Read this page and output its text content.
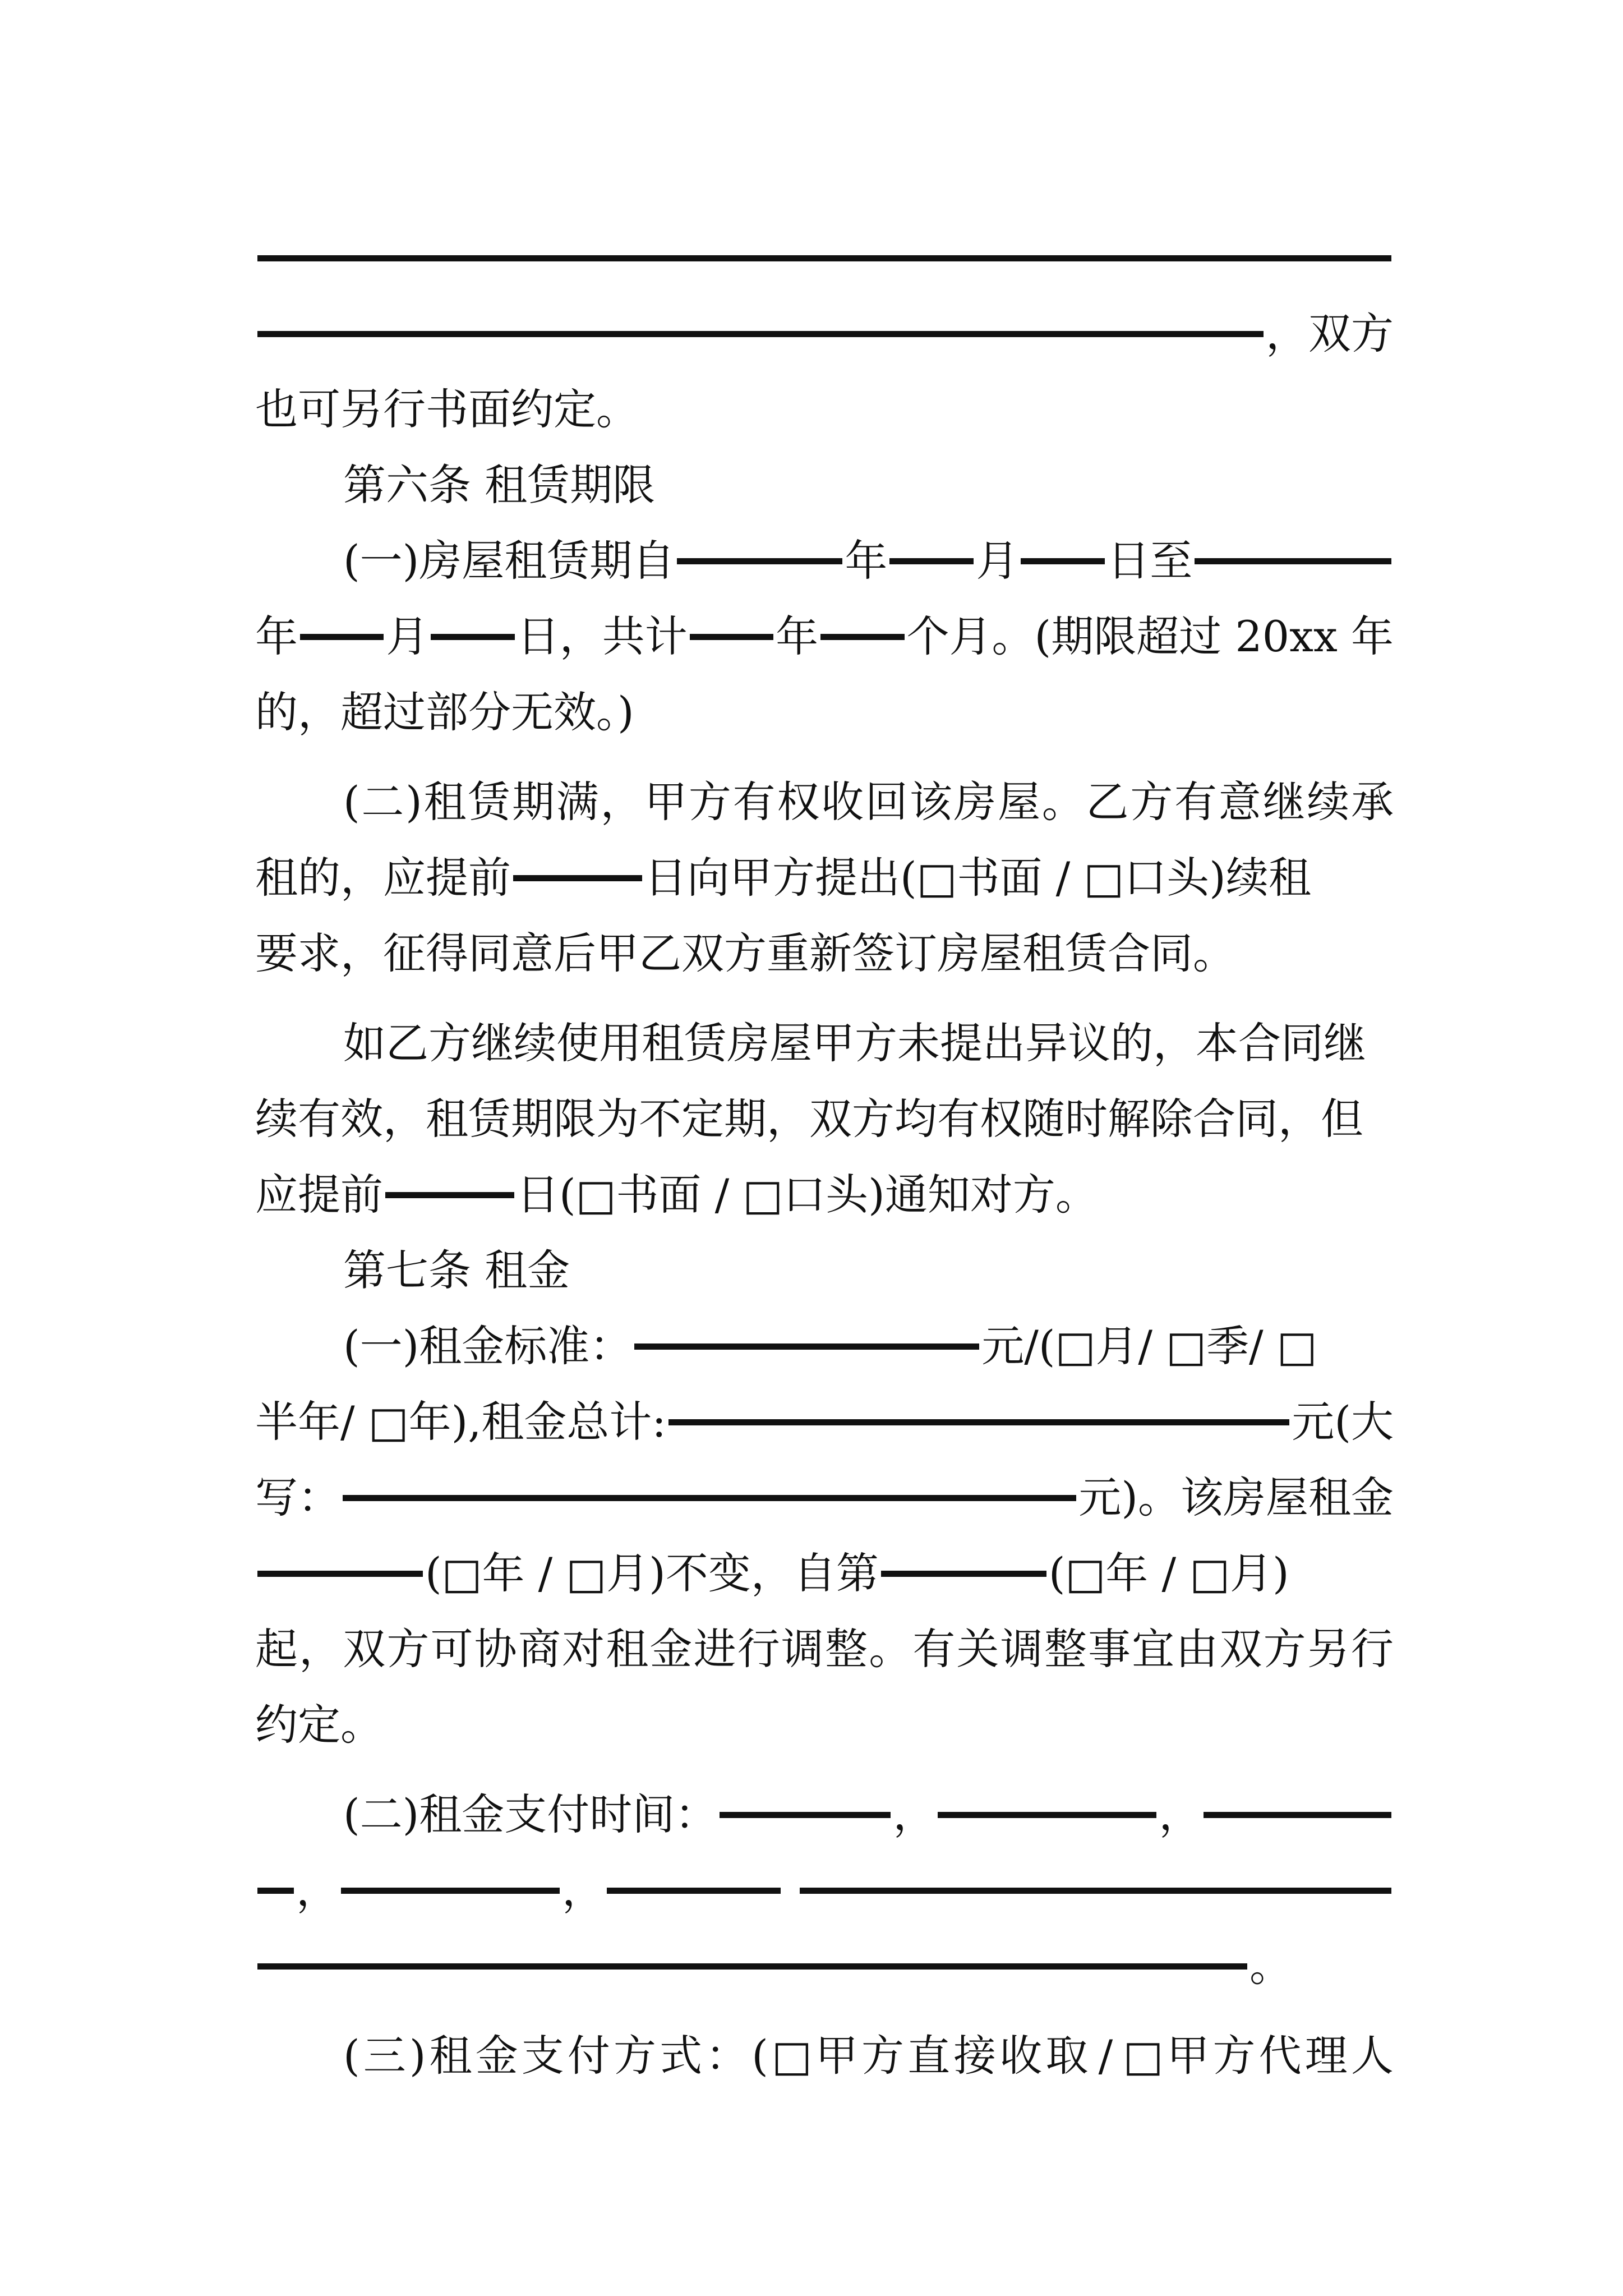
，双方
也可另行书面约定。
第六条 租赁期限
(一)房屋租赁期自	年 月 日至
年 月 日，共计 年 个月。(期限超过 20xx 年
的，超过部分无效。)
( 二 ) 租 赁 期 满 ， 甲 方 有 权 收 回 该 房 屋 。 乙 方 有 意 继 续 承
租的，应提前	日向甲方提出(□书面 / □口头)续租
要求，征得同意后甲乙双方重新签订房屋租赁合同。
如乙方继续使用租赁房屋甲方未提出异议的，本合同继
续有效，租赁期限为不定期，双方均有权随时解除合同，但
应提前	日(□书面 / □口头)通知对方。
第七条 租金
(一)租金标准：	元/(□月/ □季/ □
半年/ □年),租金总计:	元(大
写：	元)。该房屋租金
(□年 / □月)不变，自第	(□年 / □月)
起 ， 双 方 可 协 商 对 租 金 进 行 调 整 。 有 关 调 整 事 宜 由 双 方 另 行
约定。
(二)租金支付时间：	，	，
，	，
。
( 三 ) 租 金 支 付 方 式 ： ( □ 甲 方 直 接 收 取 / □ 甲 方 代 理 人
